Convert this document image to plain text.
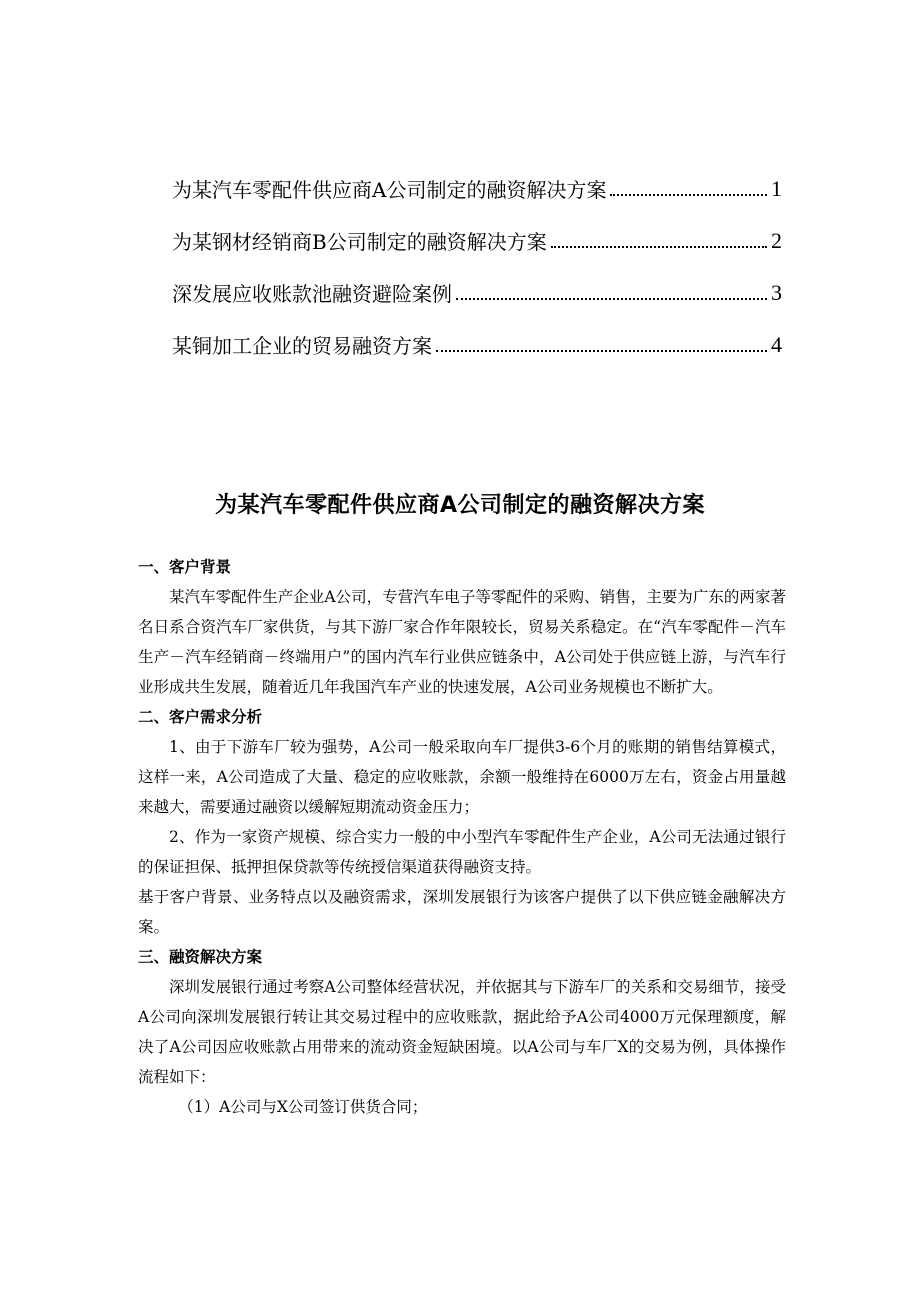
为某汽车零配件供应商A公司制定的融资解决方案	1
为某钢材经销商B公司制定的融资解决方案	2
深发展应收账款池融资避险案例	3
某铜加工企业的贸易融资方案	4
为某汽车零配件供应商A公司制定的融资解决方案
一、客户背景

某汽车零配件生产企业A公司，专营汽车电子等零配件的采购、销售，主要为广东的两家著名日系合资汽车厂家供货，与其下游厂家合作年限较长，贸易关系稳定。在“汽车零配件－汽车生产－汽车经销商－终端用户”的国内汽车行业供应链条中，A公司处于供应链上游，与汽车行业形成共生发展，随着近几年我国汽车产业的快速发展，A公司业务规模也不断扩大。

二、客户需求分析

1、由于下游车厂较为强势，A公司一般采取向车厂提供3-6个月的账期的销售结算模式，这样一来，A公司造成了大量、稳定的应收账款，余额一般维持在6000万左右，资金占用量越来越大，需要通过融资以缓解短期流动资金压力；

2、作为一家资产规模、综合实力一般的中小型汽车零配件生产企业，A公司无法通过银行的保证担保、抵押担保贷款等传统授信渠道获得融资支持。

基于客户背景、业务特点以及融资需求，深圳发展银行为该客户提供了以下供应链金融解决方案。

三、融资解决方案

深圳发展银行通过考察A公司整体经营状况，并依据其与下游车厂的关系和交易细节，接受A公司向深圳发展银行转让其交易过程中的应收账款，据此给予A公司4000万元保理额度，解决了A公司因应收账款占用带来的流动资金短缺困境。以A公司与车厂X的交易为例，具体操作流程如下：

（1）A公司与X公司签订供货合同；
